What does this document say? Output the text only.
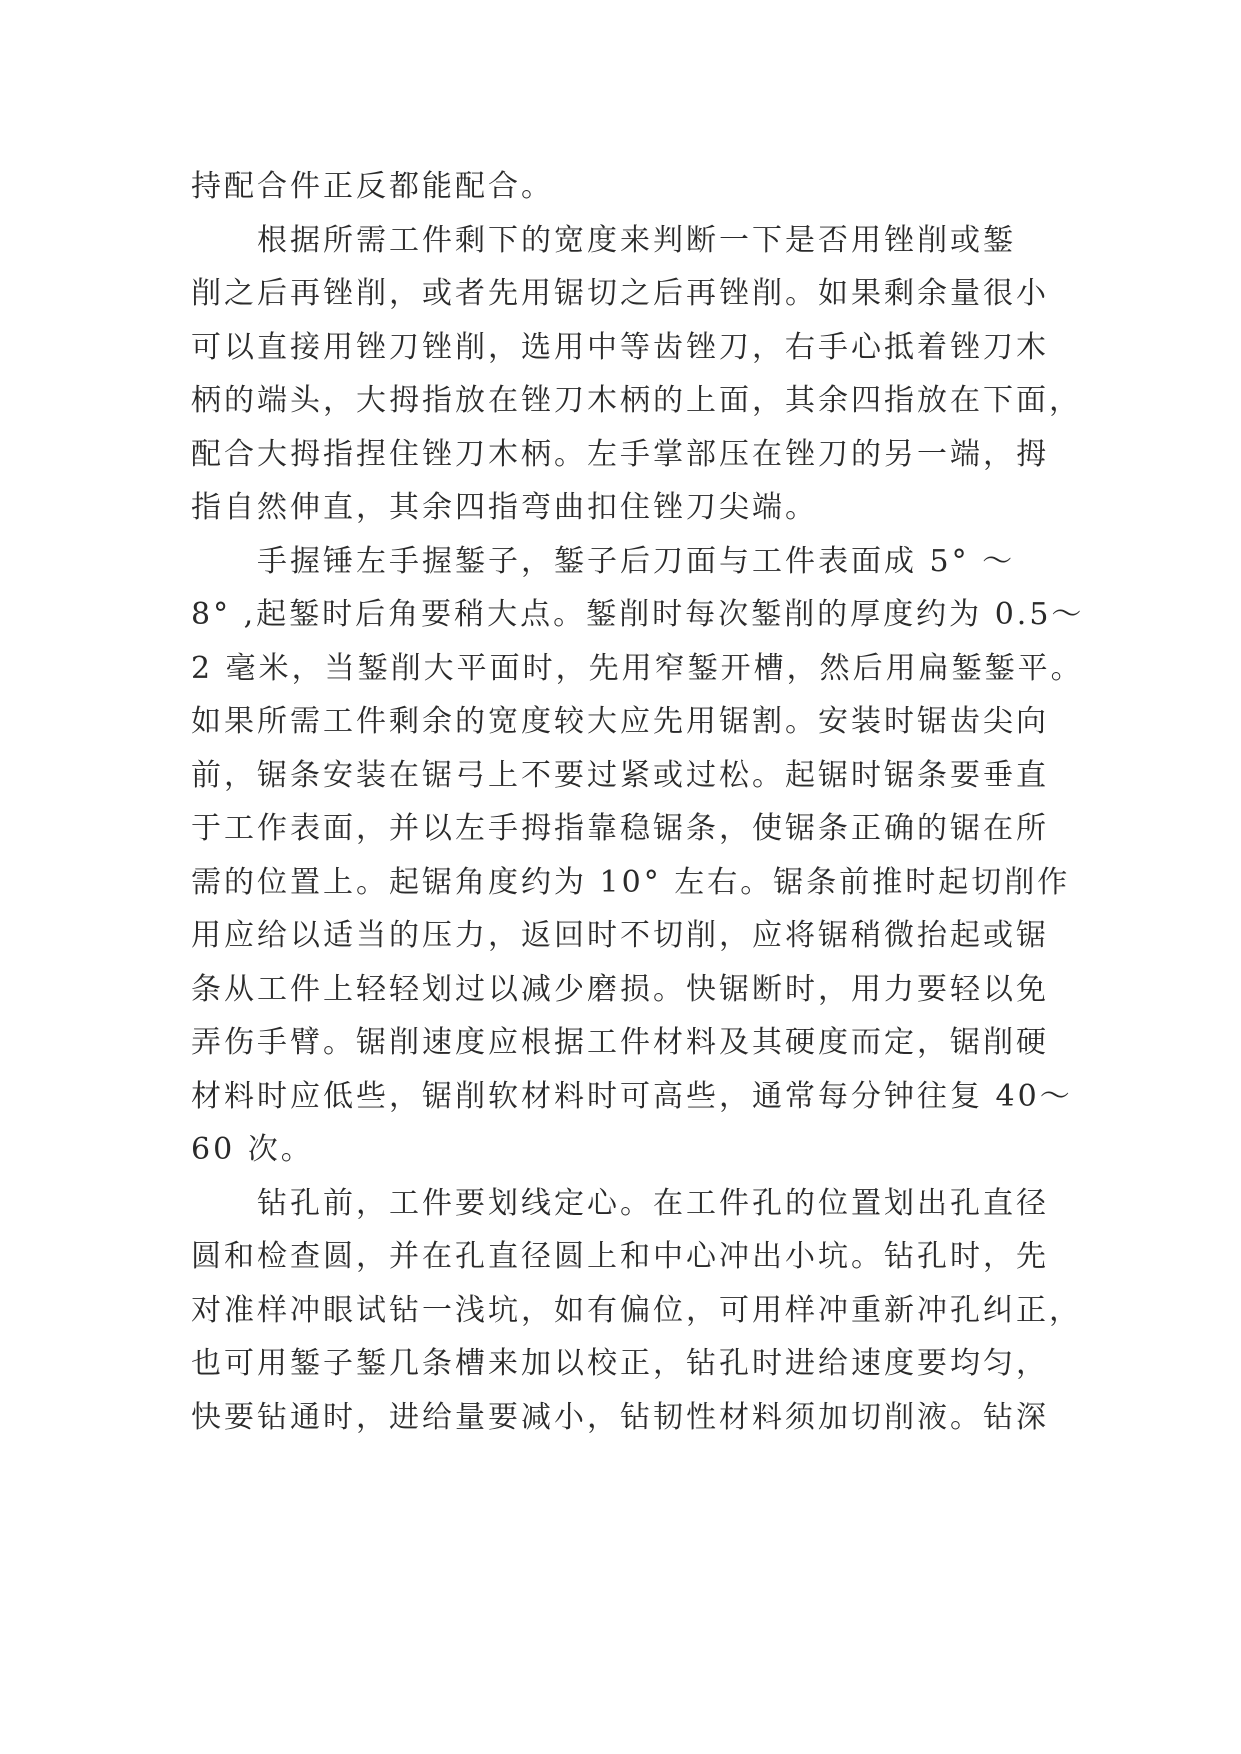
持配合件正反都能配合。
根据所需工件剩下的宽度来判断一下是否用锉削或錾
削之后再锉削，或者先用锯切之后再锉削。如果剩余量很小
可以直接用锉刀锉削，选用中等齿锉刀，右手心抵着锉刀木
柄的端头，大拇指放在锉刀木柄的上面，其余四指放在下面，
配合大拇指捏住锉刀木柄。左手掌部压在锉刀的另一端，拇
指自然伸直，其余四指弯曲扣住锉刀尖端。
手握锤左手握錾子，錾子后刀面与工件表面成 5° ～
8° ,起錾时后角要稍大点。錾削时每次錾削的厚度约为 0.5～
2 毫米，当錾削大平面时，先用窄錾开槽，然后用扁錾錾平。
如果所需工件剩余的宽度较大应先用锯割。安装时锯齿尖向
前，锯条安装在锯弓上不要过紧或过松。起锯时锯条要垂直
于工作表面，并以左手拇指靠稳锯条，使锯条正确的锯在所
需的位置上。起锯角度约为 10° 左右。锯条前推时起切削作
用应给以适当的压力，返回时不切削，应将锯稍微抬起或锯
条从工件上轻轻划过以减少磨损。快锯断时，用力要轻以免
弄伤手臂。锯削速度应根据工件材料及其硬度而定，锯削硬
材料时应低些，锯削软材料时可高些，通常每分钟往复 40～
60 次。
钻孔前，工件要划线定心。在工件孔的位置划出孔直径
圆和检查圆，并在孔直径圆上和中心冲出小坑。钻孔时，先
对准样冲眼试钻一浅坑，如有偏位，可用样冲重新冲孔纠正，
也可用錾子錾几条槽来加以校正，钻孔时进给速度要均匀，
快要钻通时，进给量要减小，钻韧性材料须加切削液。钻深
